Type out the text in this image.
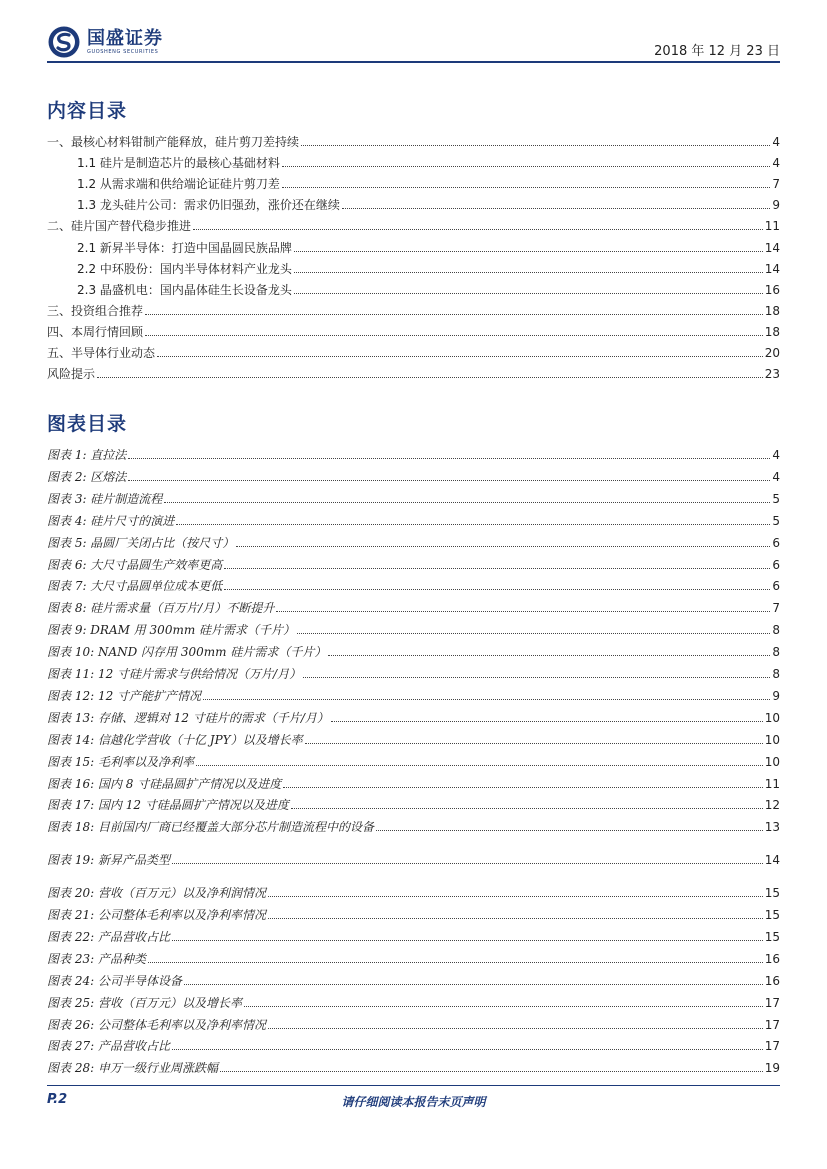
国盛证券
GUOSHENG SECURITIES	2018 年 12 月 23 日
内容目录
一、最核心材料钳制产能释放，硅片剪刀差持续	4
1.1 硅片是制造芯片的最核心基础材料	4
1.2 从需求端和供给端论证硅片剪刀差	7
1.3 龙头硅片公司：需求仍旧强劲，涨价还在继续	9
二、硅片国产替代稳步推进	11
2.1 新昇半导体：打造中国晶圆民族品牌	14
2.2 中环股份：国内半导体材料产业龙头	14
2.3 晶盛机电：国内晶体硅生长设备龙头	16
三、投资组合推荐	18
四、本周行情回顾	18
五、半导体行业动态	20
风险提示	23
图表目录
图表 1: 直拉法	4
图表 2: 区熔法	4
图表 3: 硅片制造流程	5
图表 4: 硅片尺寸的演进	5
图表 5: 晶圆厂关闭占比（按尺寸）	6
图表 6: 大尺寸晶圆生产效率更高	6
图表 7: 大尺寸晶圆单位成本更低	6
图表 8: 硅片需求量（百万片/月）不断提升	7
图表 9: DRAM 用 300mm 硅片需求（千片）	8
图表 10: NAND 闪存用 300mm 硅片需求（千片）	8
图表 11: 12 寸硅片需求与供给情况（万片/月）	8
图表 12: 12 寸产能扩产情况	9
图表 13: 存储、逻辑对 12 寸硅片的需求（千片/月）	10
图表 14: 信越化学营收（十亿 JPY）以及增长率	10
图表 15: 毛利率以及净利率	10
图表 16: 国内 8 寸硅晶圆扩产情况以及进度	11
图表 17: 国内 12 寸硅晶圆扩产情况以及进度	12
图表 18: 目前国内厂商已经覆盖大部分芯片制造流程中的设备	13
图表 19: 新昇产品类型	14
图表 20: 营收（百万元）以及净利润情况	15
图表 21: 公司整体毛利率以及净利率情况	15
图表 22: 产品营收占比	15
图表 23: 产品种类	16
图表 24: 公司半导体设备	16
图表 25: 营收（百万元）以及增长率	17
图表 26: 公司整体毛利率以及净利率情况	17
图表 27: 产品营收占比	17
图表 28: 申万一级行业周涨跌幅	19
P.2	请仔细阅读本报告末页声明
